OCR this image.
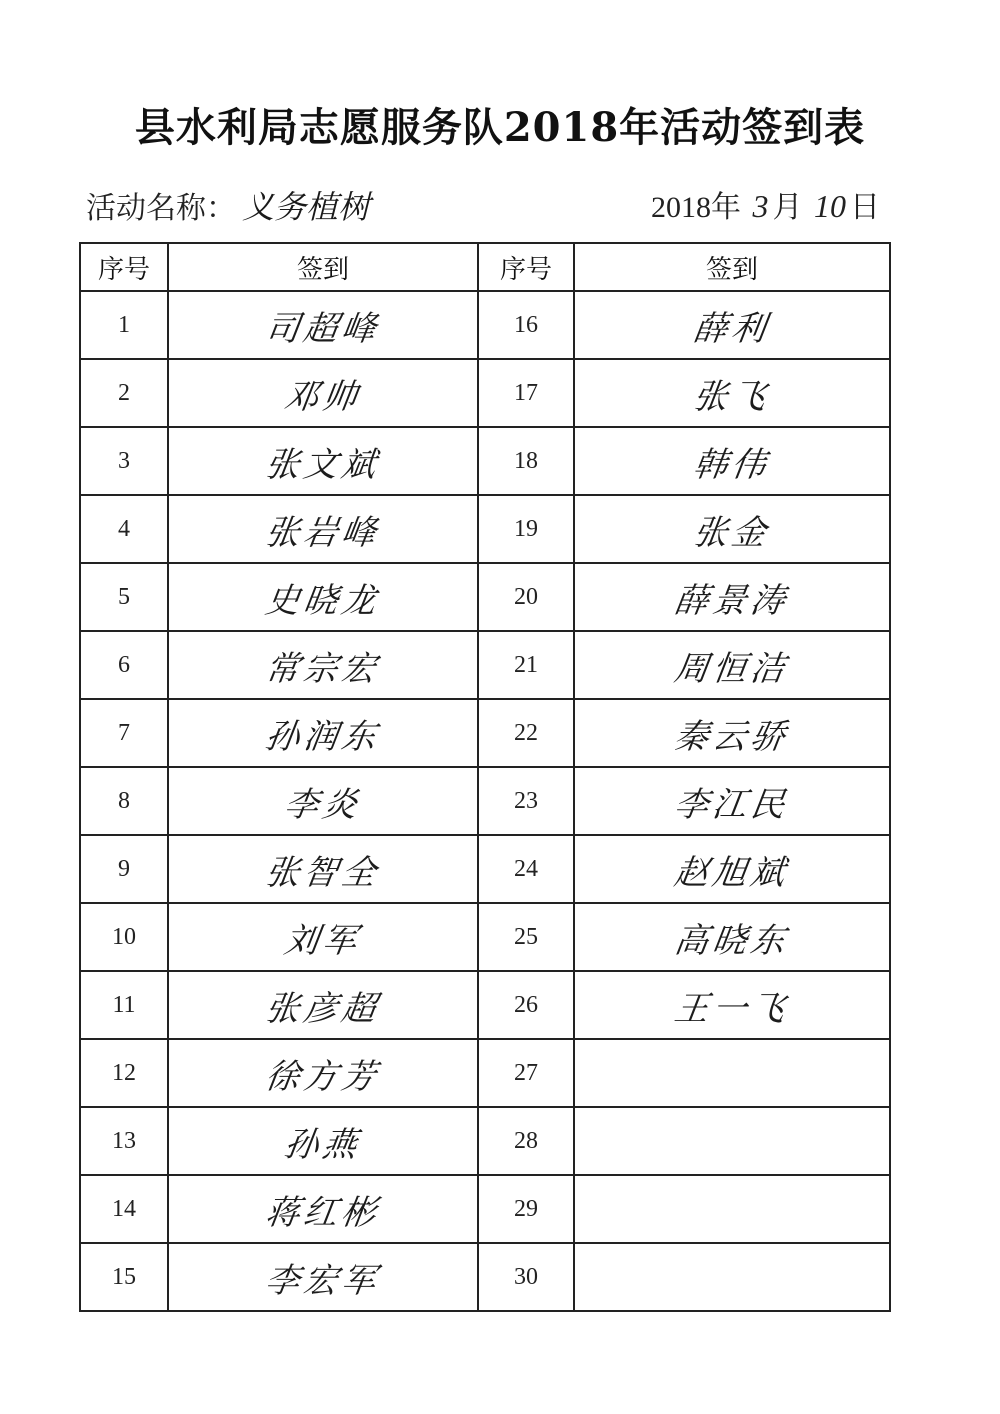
县水利局志愿服务队2018年活动签到表
活动名称： 义务植树	2018年 3 月 10 日
序号	签到	序号	签到
1	司超峰	16	薛利
2	邓帅	17	张飞
3	张文斌	18	韩伟
4	张岩峰	19	张金
5	史晓龙	20	薛景涛
6	常宗宏	21	周恒洁
7	孙润东	22	秦云骄
8	李炎	23	李江民
9	张智全	24	赵旭斌
10	刘军	25	高晓东
11	张彦超	26	王一飞
12	徐方芳	27	
13	孙燕	28	
14	蒋红彬	29	
15	李宏军	30	
